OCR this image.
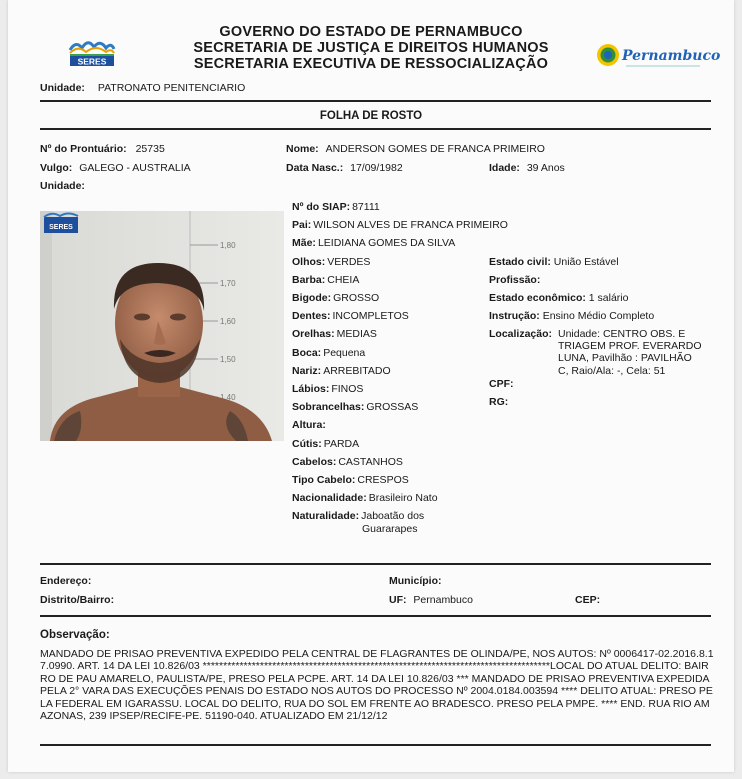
GOVERNO DO ESTADO DE PERNAMBUCO
SECRETARIA DE JUSTIÇA E DIREITOS HUMANOS
SECRETARIA EXECUTIVA DE RESSOCIALIZAÇÃO
SERES	Pernambuco
Unidade: PATRONATO PENITENCIARIO
FOLHA DE ROSTO
Nº do Prontuário: 25735	Nome: ANDERSON GOMES DE FRANCA PRIMEIRO
Vulgo: GALEGO - AUSTRALIA	Data Nasc.: 17/09/1982	Idade: 39 Anos
Unidade:
1,80
1,70
1,60
1,50
1,40
SERES
Nº do SIAP: 87111
Pai: WILSON ALVES DE FRANCA PRIMEIRO
Mãe: LEIDIANA GOMES DA SILVA
Olhos: VERDES
Barba: CHEIA
Bigode: GROSSO
Dentes: INCOMPLETOS
Orelhas: MEDIAS
Boca: Pequena
Nariz: ARREBITADO
Lábios: FINOS
Sobrancelhas: GROSSAS
Altura:
Cútis: PARDA
Cabelos: CASTANHOS
Tipo Cabelo: CRESPOS
Nacionalidade: Brasileiro Nato
Naturalidade: Jaboatão dos
Guararapes
Estado civil: União Estável
Profissão:
Estado econômico: 1 salário
Instrução: Ensino Médio Completo
Localização: Unidade: CENTRO OBS. E
TRIAGEM PROF. EVERARDO
LUNA, Pavilhão : PAVILHÃO
C, Raio/Ala: -, Cela: 51
CPF:
RG:
Endereço:	Município:
Distrito/Bairro:	UF: Pernambuco	CEP:
Observação:
MANDADO DE PRISAO PREVENTIVA EXPEDIDO PELA CENTRAL DE FLAGRANTES DE OLINDA/PE, NOS AUTOS: Nº 0006417-02.2016.8.17.0990. ART. 14 DA LEI 10.826/03 *************************************************************************************LOCAL DO ATUAL DELITO: BAIRRO DE PAU AMARELO, PAULISTA/PE, PRESO PELA PCPE. ART. 14 DA LEI 10.826/03 *** MANDADO DE PRISAO PREVENTIVA EXPEDIDA PELA 2° VARA DAS EXECUÇÕES PENAIS DO ESTADO NOS AUTOS DO PROCESSO Nº 2004.0184.003594 **** DELITO ATUAL: PRESO PELA FEDERAL EM IGARASSU. LOCAL DO DELITO, RUA DO SOL EM FRENTE AO BRADESCO. PRESO PELA PMPE. **** END. RUA RIO AMAZONAS, 239 IPSEP/RECIFE-PE. 51190-040. ATUALIZADO EM 21/12/12
